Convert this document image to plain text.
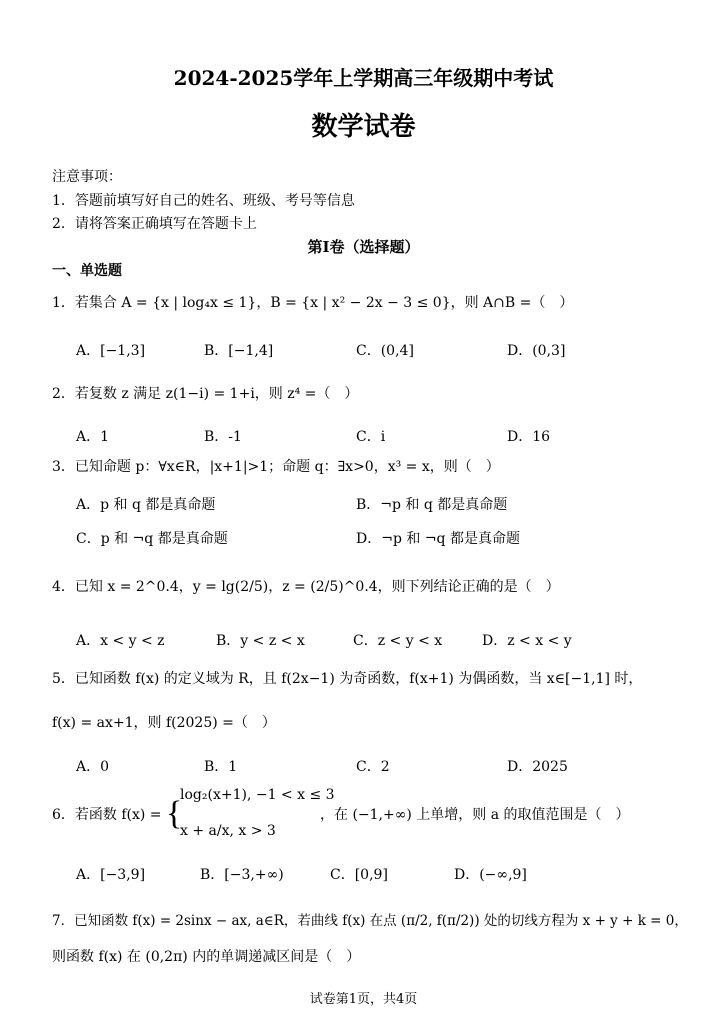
2024-2025学年上学期高三年级期中考试
数学试卷
注意事项：
1．答题前填写好自己的姓名、班级、考号等信息
2．请将答案正确填写在答题卡上
第Ⅰ卷（选择题）
一、单选题
1．若集合 A = {x | log₄x ≤ 1}，B = {x | x² − 2x − 3 ≤ 0}，则 A∩B =（　）
A．[−1,3]	B．[−1,4]	C．(0,4]	D．(0,3]
2．若复数 z 满足 z(1−i) = 1+i，则 z⁴ =（　）
A．1	B．-1	C．i	D．16
3．已知命题 p：∀x∈R，|x+1|>1；命题 q：∃x>0，x³ = x，则（　）
A．p 和 q 都是真命题	B．¬p 和 q 都是真命题
C．p 和 ¬q 都是真命题	D．¬p 和 ¬q 都是真命题
4．已知 x = 2^0.4，y = lg(2/5)，z = (2/5)^0.4，则下列结论正确的是（　）
A．x < y < z	B．y < z < x	C．z < y < x	D．z < x < y
5．已知函数 f(x) 的定义域为 R，且 f(2x−1) 为奇函数，f(x+1) 为偶函数，当 x∈[−1,1] 时，
f(x) = ax+1，则 f(2025) =（　）
A．0	B．1	C．2	D．2025
6．若函数 f(x) = {
log₂(x+1), −1 < x ≤ 3
x + a/x, x > 3
，在 (−1,+∞) 上单增，则 a 的取值范围是（　）
A．[−3,9]	B．[−3,+∞)	C．[0,9]	D．(−∞,9]
7．已知函数 f(x) = 2sinx − ax, a∈R，若曲线 f(x) 在点 (π/2, f(π/2)) 处的切线方程为 x + y + k = 0，
则函数 f(x) 在 (0,2π) 内的单调递减区间是（　）
试卷第1页，共4页
